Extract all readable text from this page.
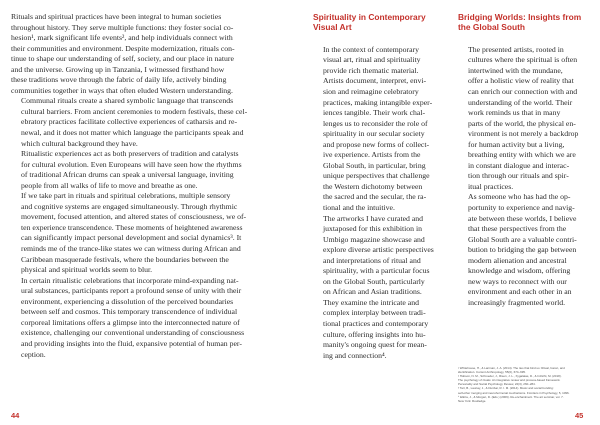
Rituals and spiritual practices have been integral to human societies
throughout history. They serve multiple functions: they foster social co-
hesion¹, mark significant life events², and help individuals connect with
their communities and environment. Despite modernization, rituals con-
tinue to shape our understanding of self, society, and our place in nature
and the universe. Growing up in Tanzania, I witnessed firsthand how
these traditions wove through the fabric of daily life, actively binding
communities together in ways that often eluded Western understanding.
Communal rituals create a shared symbolic language that transcends
cultural barriers. From ancient ceremonies to modern festivals, these cel-
ebratory practices facilitate collective experiences of catharsis and re-
newal, and it does not matter which language the participants speak and
which cultural background they have.
Ritualistic experiences act as both preservers of tradition and catalysts
for cultural evolution. Even Europeans will have seen how the rhythms
of traditional African drums can speak a universal language, inviting
people from all walks of life to move and breathe as one.
If we take part in rituals and spiritual celebrations, multiple sensory
and cognitive systems are engaged simultaneously. Through rhythmic
movement, focused attention, and altered states of consciousness, we of-
ten experience transcendence. These moments of heightened awareness
can significantly impact personal development and social dynamics³. It
reminds me of the trance-like states we can witness during African and
Caribbean masquerade festivals, where the boundaries between the
physical and spiritual worlds seem to blur.
In certain ritualistic celebrations that incorporate mind-expanding nat-
ural substances, participants report a profound sense of unity with their
environment, experiencing a dissolution of the perceived boundaries
between self and cosmos. This temporary transcendence of individual
corporeal limitations offers a glimpse into the interconnected nature of
existence, challenging our conventional understanding of consciousness
and providing insights into the fluid, expansive potential of human per-
ception.
Spirituality in Contemporary
Visual Art
In the context of contemporary
visual art, ritual and spirituality
provide rich thematic material.
Artists document, interpret, envi-
sion and reimagine celebratory
practices, making intangible exper-
iences tangible. Their work chal-
lenges us to reconsider the role of
spirituality in our secular society
and propose new forms of collect-
ive experience. Artists from the
Global South, in particular, bring
unique perspectives that challenge
the Western dichotomy between
the sacred and the secular, the ra-
tional and the intuitive.
The artworks I have curated and
juxtaposed for this exhibition in
Umbigo magazine showcase and
explore diverse artistic perspectives
and interpretations of ritual and
spirituality, with a particular focus
on the Global South, particularly
on African and Asian traditions.
They examine the intricate and
complex interplay between tradi-
tional practices and contemporary
culture, offering insights into hu-
manity's ongoing quest for mean-
ing and connection⁴.
Bridging Worlds: Insights from
the Global South
The presented artists, rooted in
cultures where the spiritual is often
intertwined with the mundane,
offer a holistic view of reality that
can enrich our connection with and
understanding of the world. Their
work reminds us that in many
parts of the world, the physical en-
vironment is not merely a backdrop
for human activity but a living,
breathing entity with which we are
in constant dialogue and interac-
tion through our rituals and spir-
itual practices.
As someone who has had the op-
portunity to experience and navig-
ate between these worlds, I believe
that these perspectives from the
Global South are a valuable contri-
bution to bridging the gap between
modern alienation and ancestral
knowledge and wisdom, offering
new ways to reconnect with our
environment and each other in an
increasingly fragmented world.
¹ Whitehouse, H., & Lanman, J. A. (2014). The ties that bind us: Ritual, fusion, and
identification. Current Anthropology, 55(6), 674–695.
² Hobson, N. M., Schroeder, J., Risen, J. L., Xygalatas, D., & Inzlicht, M. (2018).
The psychology of rituals: An integrative review and process-based framework.
Personality and Social Psychology Review, 22(3), 260–284.
³ Tarr, B., Launay, J., & Dunbar, R. I. M. (2014). Music and social bonding:
self-other merging and neurohormonal mechanisms. Frontiers in Psychology, 5, 1096.
⁴ Elkins, J., & Morgan, D. (Eds.) (2009). Re-enchantment. The art seminar, vol. 7.
New York: Routledge.
44	45
